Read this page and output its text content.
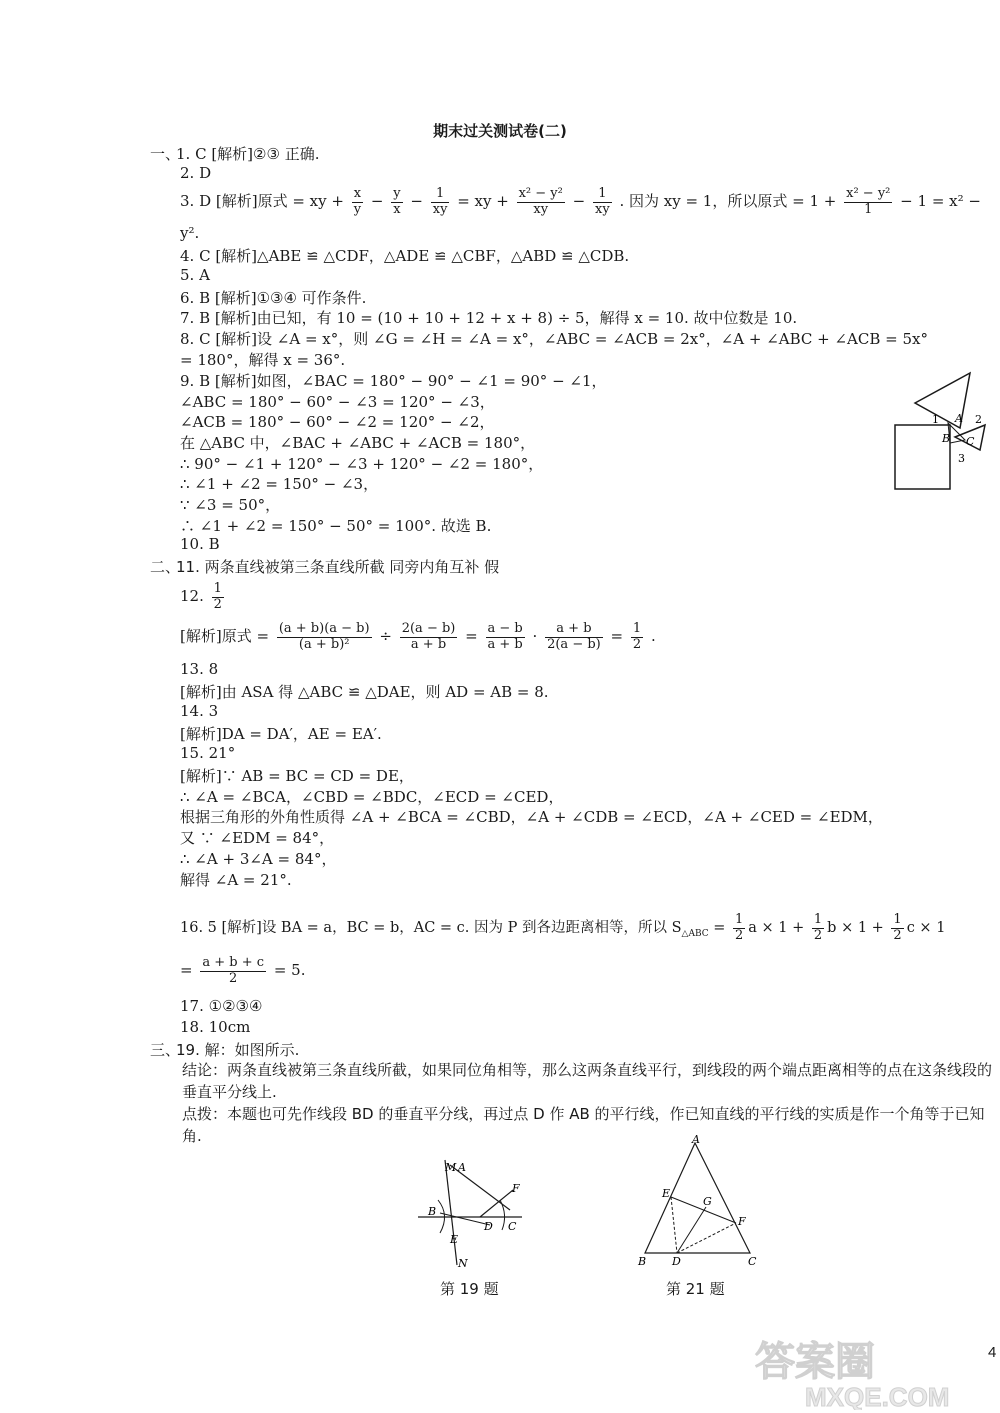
期末过关测试卷(二)
一、
1. C [解析]②③ 正确.
2. D
3. D [解析]原式 = xy + $\frac{x}{y} - \frac{y}{x} - \frac{1}{xy}$ = xy + $\frac{\text{x² − y²}}{xy} - \frac{1}{xy}$ . 因为 xy = 1，所以原式 = $1 + \frac{\text{x² − y²}}{1} - 1 = x^2$ −
y².
4. C [解析]△ABE ≌ △CDF，△ADE ≌ △CBF，△ABD ≌ △CDB.
5. A
6. B [解析]①③④ 可作条件.
7. B [解析]由已知，有 10 = (10 + 10 + 12 + x + 8) ÷ 5，解得 x = 10. 故中位数是 10.
8. C [解析]设 ∠A = x°，则 ∠G = ∠H = ∠A = x°，∠ABC = ∠ACB = 2x°，∠A + ∠ABC + ∠ACB = 5x°
= 180°，解得 x = 36°.
9. B [解析]如图，∠BAC = 180° − 90° − ∠1 = 90° − ∠1，
∠ABC = 180° − 60° − ∠3 = 120° − ∠3，
∠ACB = 180° − 60° − ∠2 = 120° − ∠2，
在 △ABC 中，∠BAC + ∠ABC + ∠ACB = 180°，
∴ 90° − ∠1 + 120° − ∠3 + 120° − ∠2 = 180°，
∴ ∠1 + ∠2 = 150° − ∠3，
∵ ∠3 = 50°，
∴ ∠1 + ∠2 = 150° − 50° = 100°. 故选 B.
10. B
1 A 2
B C
3
二、
11. 两条直线被第三条直线所截 同旁内角互补 假
12. $\frac{1}{2}$
[解析]原式 = $\frac{(a + b)(a - b)}{\text{(a + b)²}} \div \frac{2(a - b)}{a + b} = \frac{a - b}{a + b} \cdot \frac{a + b}{2(a - b)} = \frac{1}{2}$ .
13. 8
[解析]由 ASA 得 △ABC ≌ △DAE，则 AD = AB = 8.
14. 3
[解析]DA = DA′，AE = EA′.
15. 21°
[解析]∵ AB = BC = CD = DE，
∴ ∠A = ∠BCA，∠CBD = ∠BDC，∠ECD = ∠CED，
根据三角形的外角性质得 ∠A + ∠BCA = ∠CBD，∠A + ∠CDB = ∠ECD，∠A + ∠CED = ∠EDM，
又 ∵ ∠EDM = 84°，
∴ ∠A + 3∠A = 84°，
解得 ∠A = 21°.
16. 5 [解析]设 BA = a，BC = b，AC = c. 因为 P 到各边距离相等，所以 $S_{\triangle ABC} = \frac{1}{2}$ $a \times 1 + \frac{1}{2}$ $b \times 1 + \frac{1}{2}$ c × 1
= $\frac{a + b + c}{2} = 5$.
17. ①②③④
18. 10cm
三、
19. 解：如图所示.
结论：两条直线被第三条直线所截，如果同位角相等，那么这两条直线平行，到线段的两个端点距离相等的点在这条线段的垂直平分线上.
点拨：本题也可先作线段 BD 的垂直平分线，再过点 D 作 AB 的平行线，作已知直线的平行线的实质是作一个角等于已知角.
M A
F
B
D C
E
N
第 19 题
A
E
G
F
B D	C
第 21 题
4
答案圈
MXQE.COM
